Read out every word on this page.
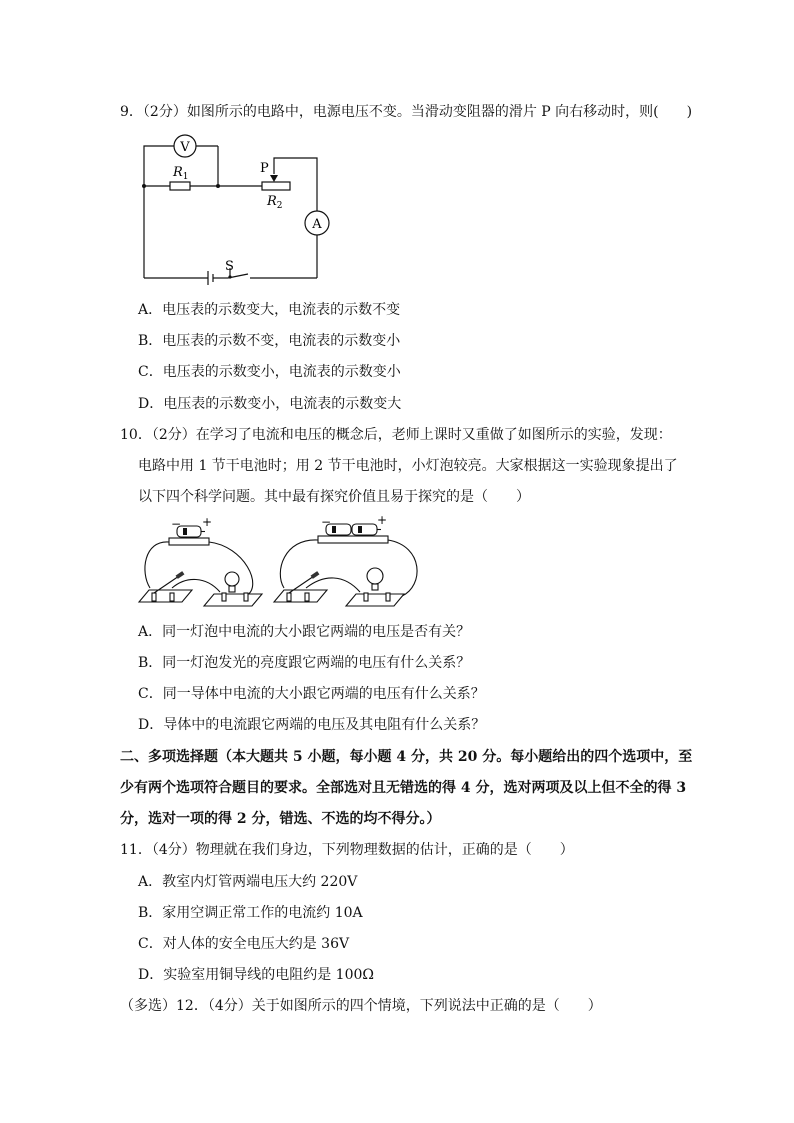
9．（2分）如图所示的电路中，电源电压不变。当滑动变阻器的滑片 P 向右移动时，则(　　)
V
$R_1$
P
$R_2$
A
S
A．电压表的示数变大，电流表的示数不变
B．电压表的示数不变，电流表的示数变小
C．电压表的示数变小，电流表的示数变小
D．电压表的示数变小，电流表的示数变大
10．（2分）在学习了电流和电压的概念后，老师上课时又重做了如图所示的实验，发现：
电路中用 1 节干电池时；用 2 节干电池时，小灯泡较亮。大家根据这一实验现象提出了
以下四个科学问题。其中最有探究价值且易于探究的是（　　）
− +	−	+
A．同一灯泡中电流的大小跟它两端的电压是否有关？
B．同一灯泡发光的亮度跟它两端的电压有什么关系？
C．同一导体中电流的大小跟它两端的电压有什么关系？
D．导体中的电流跟它两端的电压及其电阻有什么关系？
二、多项选择题（本大题共 5 小题，每小题 4 分，共 20 分。每小题给出的四个选项中，至
少有两个选项符合题目的要求。全部选对且无错选的得 4 分，选对两项及以上但不全的得 3
分，选对一项的得 2 分，错选、不选的均不得分。）
11．（4分）物理就在我们身边，下列物理数据的估计，正确的是（　　）
A．教室内灯管两端电压大约 220V
B．家用空调正常工作的电流约 10A
C．对人体的安全电压大约是 36V
D．实验室用铜导线的电阻约是 100Ω
（多选）12．（4分）关于如图所示的四个情境，下列说法中正确的是（　　）
